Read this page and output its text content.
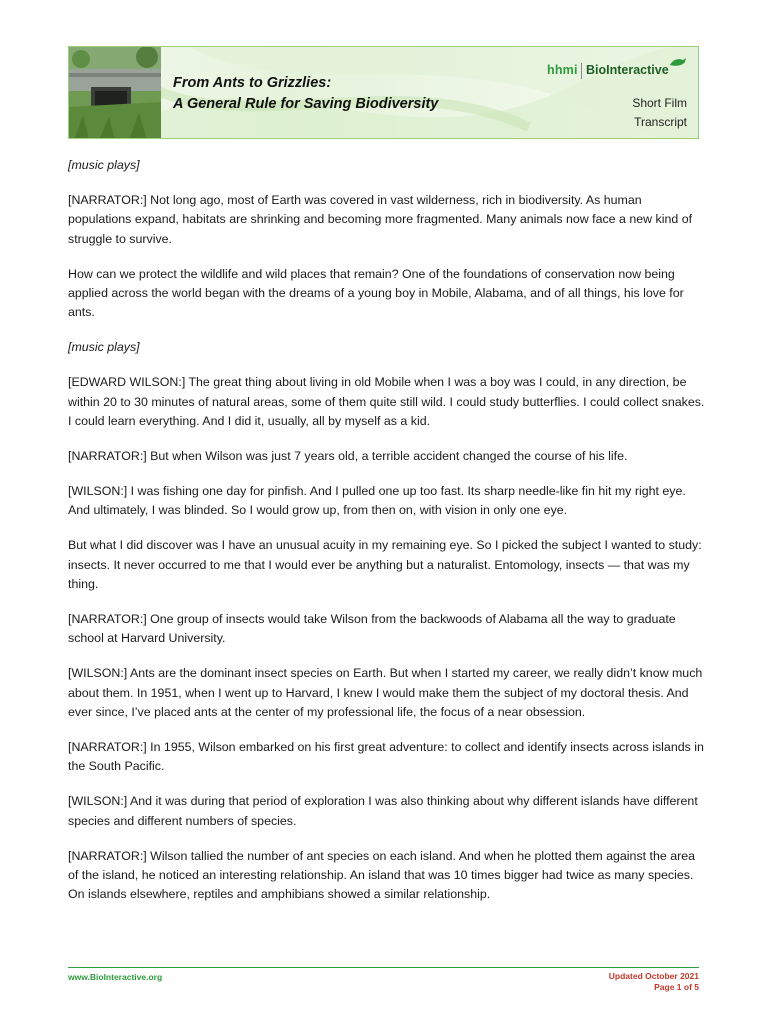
From Ants to Grizzlies:
A General Rule for Saving Biodiversity
hhmi BioInteractive
Short Film
Transcript

[music plays]

[NARRATOR:] Not long ago, most of Earth was covered in vast wilderness, rich in biodiversity. As human populations expand, habitats are shrinking and becoming more fragmented. Many animals now face a new kind of struggle to survive.

How can we protect the wildlife and wild places that remain? One of the foundations of conservation now being applied across the world began with the dreams of a young boy in Mobile, Alabama, and of all things, his love for ants.

[music plays]

[EDWARD WILSON:] The great thing about living in old Mobile when I was a boy was I could, in any direction, be within 20 to 30 minutes of natural areas, some of them quite still wild. I could study butterflies. I could collect snakes. I could learn everything. And I did it, usually, all by myself as a kid.

[NARRATOR:] But when Wilson was just 7 years old, a terrible accident changed the course of his life.

[WILSON:] I was fishing one day for pinfish. And I pulled one up too fast. Its sharp needle-like fin hit my right eye. And ultimately, I was blinded. So I would grow up, from then on, with vision in only one eye.

But what I did discover was I have an unusual acuity in my remaining eye. So I picked the subject I wanted to study: insects. It never occurred to me that I would ever be anything but a naturalist. Entomology, insects — that was my thing.

[NARRATOR:] One group of insects would take Wilson from the backwoods of Alabama all the way to graduate school at Harvard University.

[WILSON:] Ants are the dominant insect species on Earth. But when I started my career, we really didn’t know much about them. In 1951, when I went up to Harvard, I knew I would make them the subject of my doctoral thesis. And ever since, I’ve placed ants at the center of my professional life, the focus of a near obsession.

[NARRATOR:] In 1955, Wilson embarked on his first great adventure: to collect and identify insects across islands in the South Pacific.

[WILSON:] And it was during that period of exploration I was also thinking about why different islands have different species and different numbers of species.

[NARRATOR:] Wilson tallied the number of ant species on each island. And when he plotted them against the area of the island, he noticed an interesting relationship. An island that was 10 times bigger had twice as many species. On islands elsewhere, reptiles and amphibians showed a similar relationship.

www.BioInteractive.org	Updated October 2021
Page 1 of 5
